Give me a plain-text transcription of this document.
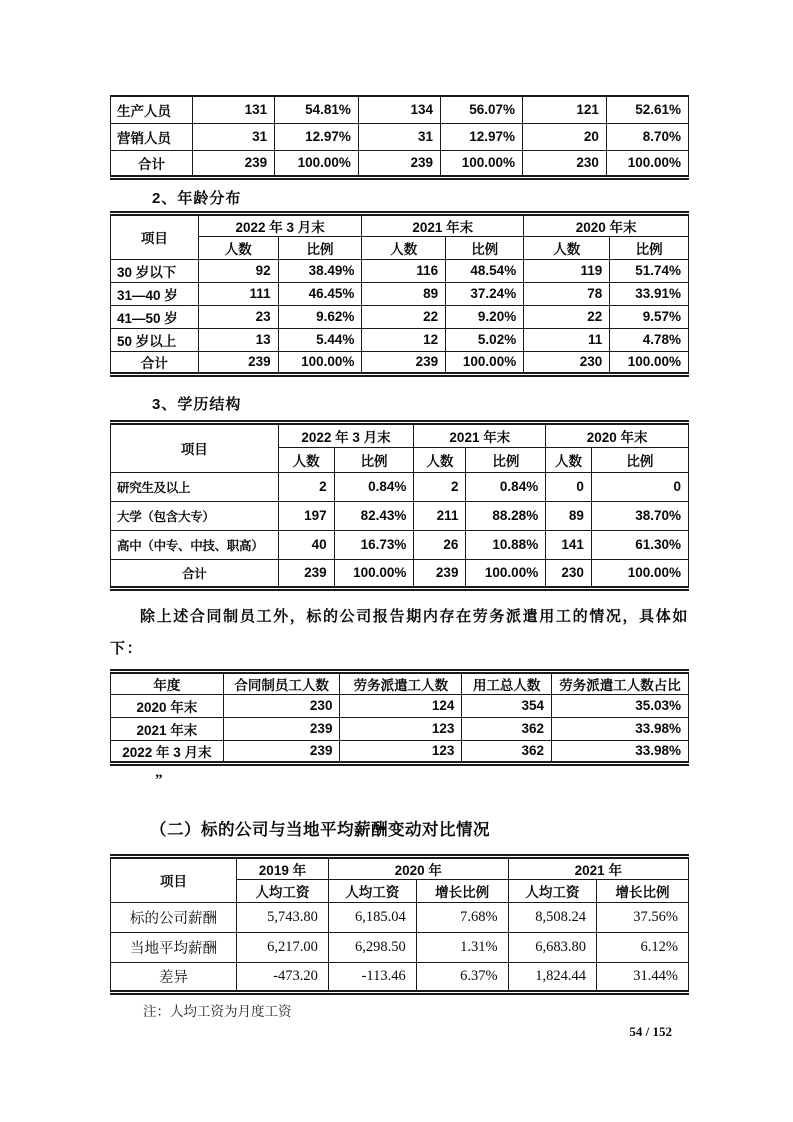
生产人员	131	54.81%	134	56.07%	121	52.61%
营销人员	31	12.97%	31	12.97%	20	8.70%
合计	239	100.00%	239	100.00%	230	100.00%
2、年龄分布
项目	2022 年 3 月末		2021 年末		2020 年末	
	人数	比例	人数	比例	人数	比例
30 岁以下	92	38.49%	116	48.54%	119	51.74%
31—40 岁	111	46.45%	89	37.24%	78	33.91%
41—50 岁	23	9.62%	22	9.20%	22	9.57%
50 岁以上	13	5.44%	12	5.02%	11	4.78%
合计	239	100.00%	239	100.00%	230	100.00%
3、学历结构
项目	2022 年 3 月末		2021 年末		2020 年末	
	人数	比例	人数	比例	人数	比例
研究生及以上	2	0.84%	2	0.84%	0	0
大学（包含大专）	197	82.43%	211	88.28%	89	38.70%
高中（中专、中技、职高）	40	16.73%	26	10.88%	141	61.30%
合计	239	100.00%	239	100.00%	230	100.00%

除上述合同制员工外，标的公司报告期内存在劳务派遣用工的情况，具体如下：

年度	合同制员工人数	劳务派遣工人数	用工总人数	劳务派遣工人数占比
2020 年末	230	124	354	35.03%
2021 年末	239	123	362	33.98%
2022 年 3 月末	239	123	362	33.98%
”
（二）标的公司与当地平均薪酬变动对比情况
项目	2019 年	2020 年		2021 年	
	人均工资	人均工资	增长比例	人均工资	增长比例
标的公司薪酬	5,743.80	6,185.04	7.68%	8,508.24	37.56%
当地平均薪酬	6,217.00	6,298.50	1.31%	6,683.80	6.12%
差异	-473.20	-113.46	6.37%	1,824.44	31.44%
注：人均工资为月度工资
54 / 152
